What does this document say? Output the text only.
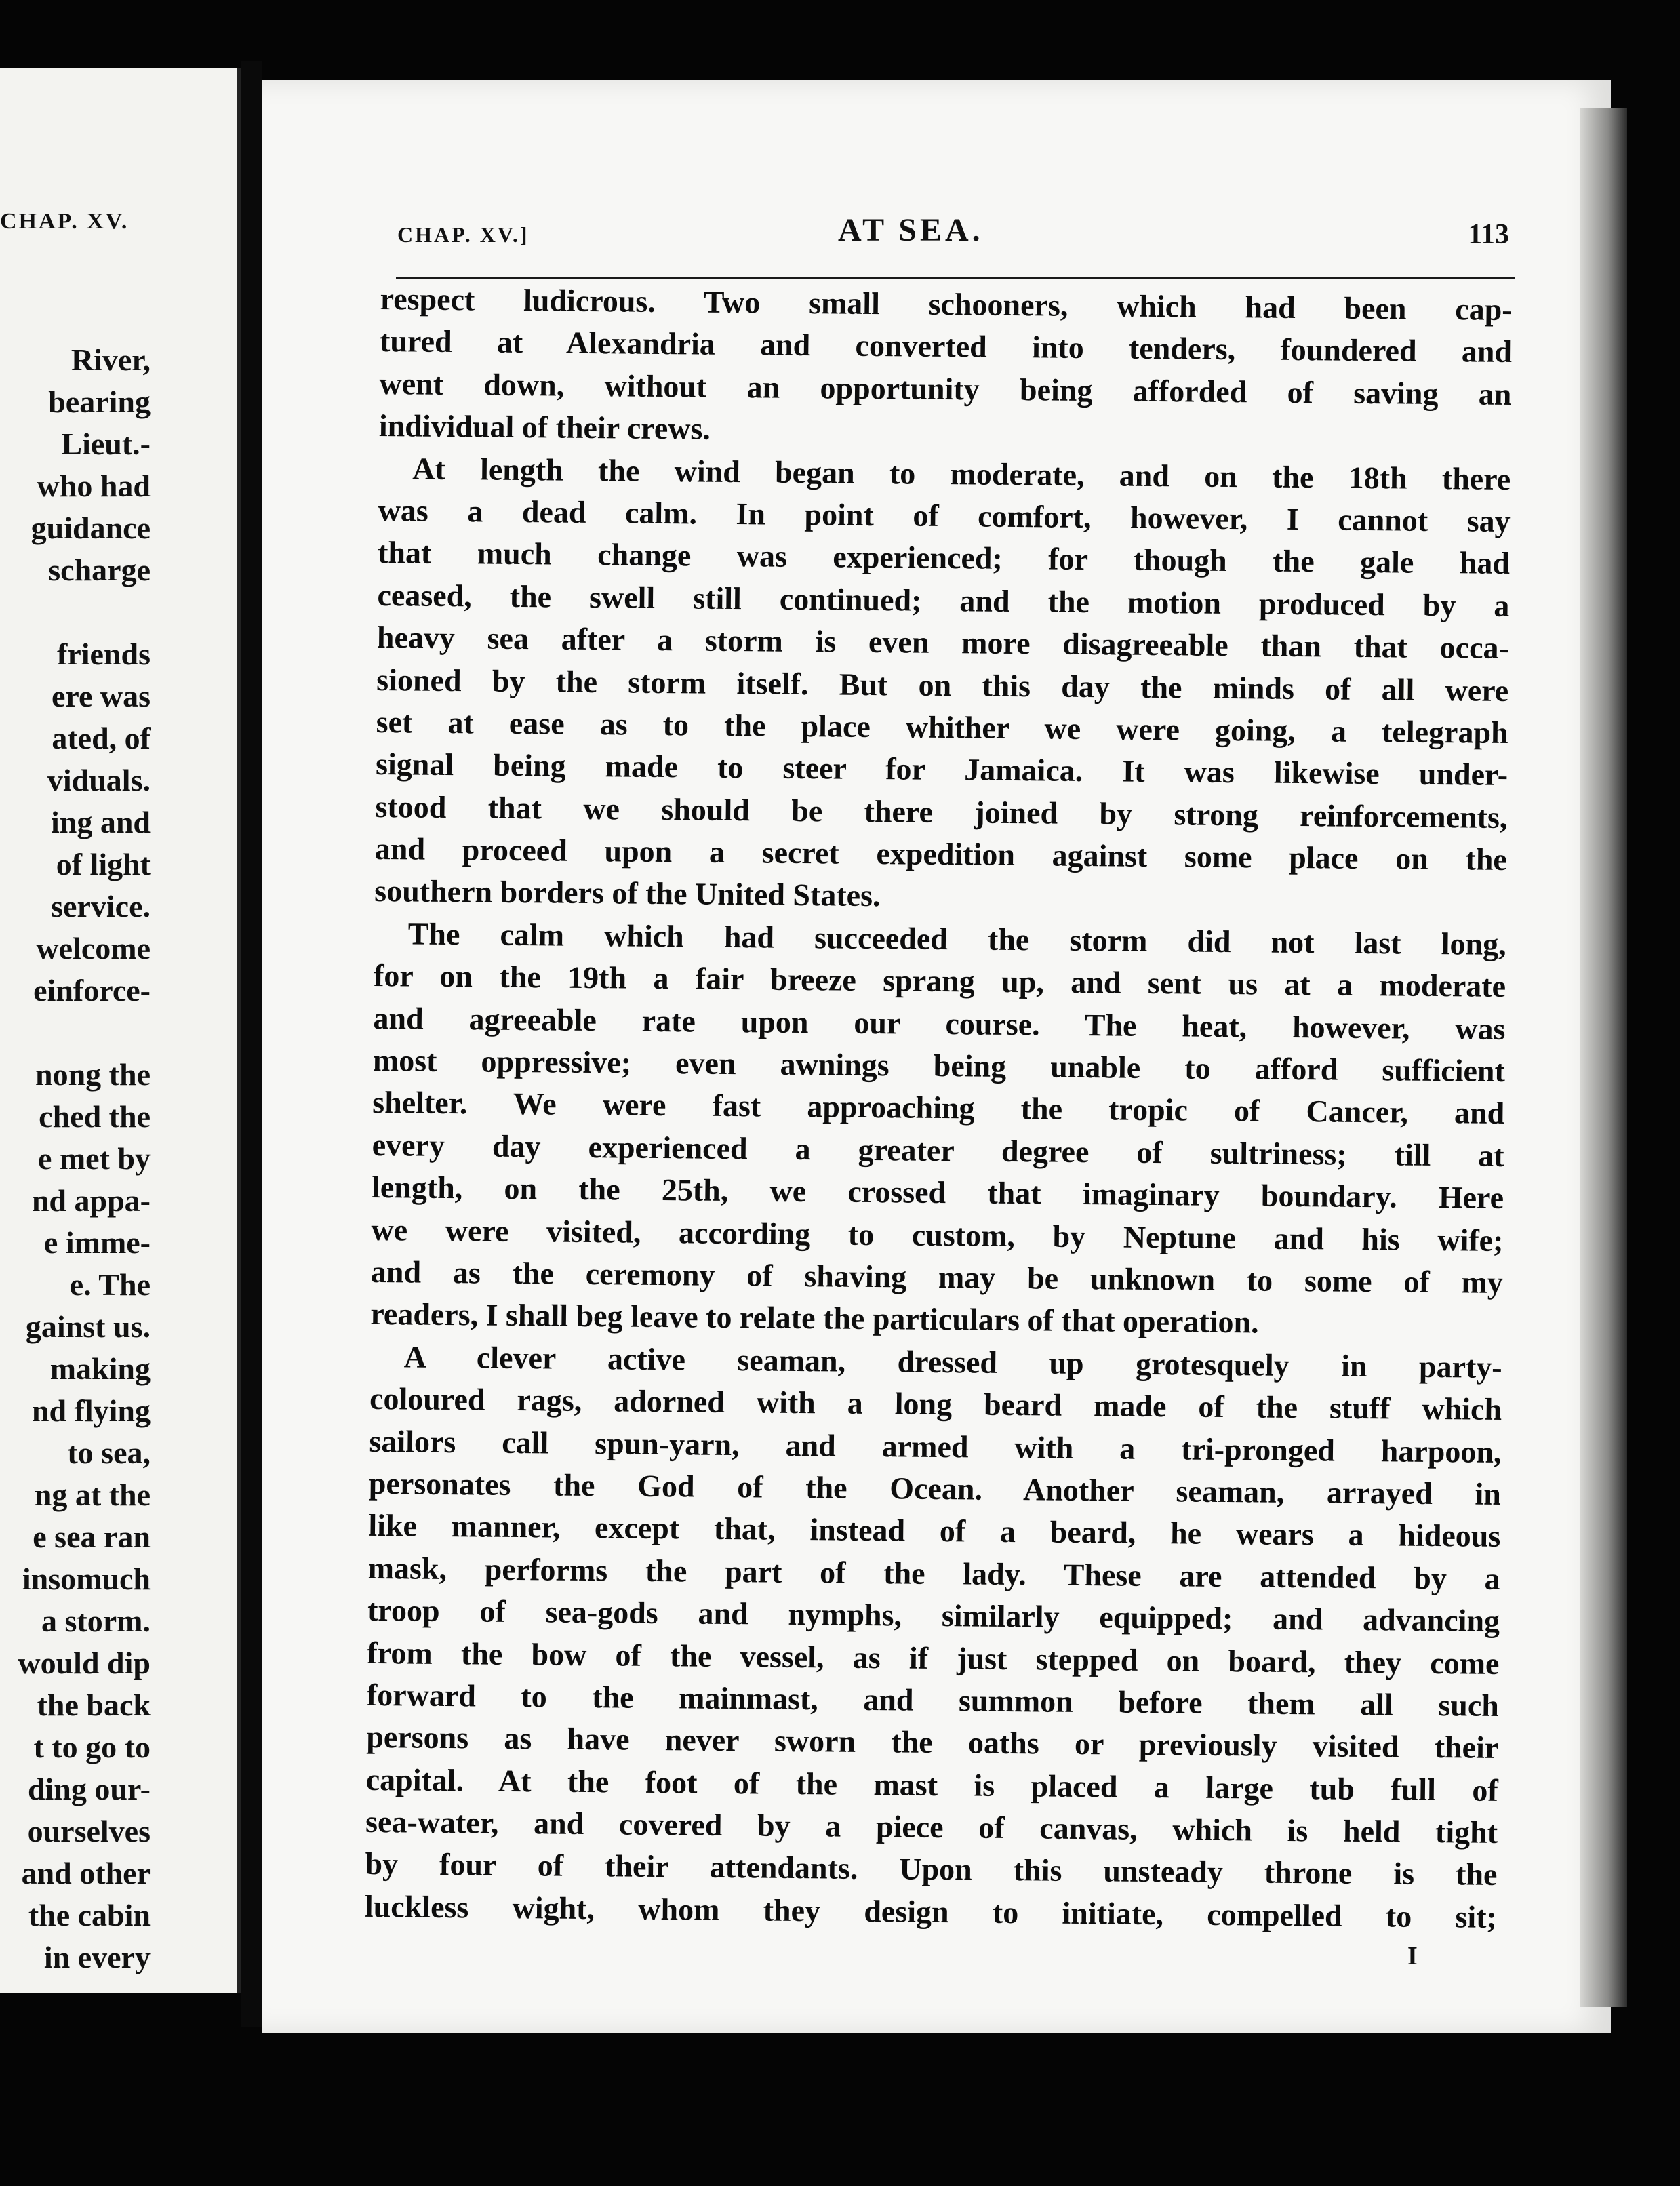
CHAP. XV.
River,
bearing
Lieut.-
who had
guidance
scharge
friends
ere was
ated, of
viduals.
ing and
of light
service.
welcome
einforce-
nong the
ched the
e met by
nd appa-
e imme-
e. The
gainst us.
making
nd flying
to sea,
ng at the
e sea ran
insomuch
a storm.
would dip
the back
t to go to
ding our-
ourselves
and other
the cabin
in every
CHAP. XV.]	AT SEA.	113
respect ludicrous. Two small schooners, which had been cap-
tured at Alexandria and converted into tenders, foundered and
went down, without an opportunity being afforded of saving an
individual of their crews.
At length the wind began to moderate, and on the 18th there
was a dead calm. In point of comfort, however, I cannot say
that much change was experienced; for though the gale had
ceased, the swell still continued; and the motion produced by a
heavy sea after a storm is even more disagreeable than that occa-
sioned by the storm itself. But on this day the minds of all were
set at ease as to the place whither we were going, a telegraph
signal being made to steer for Jamaica. It was likewise under-
stood that we should be there joined by strong reinforcements,
and proceed upon a secret expedition against some place on the
southern borders of the United States.
The calm which had succeeded the storm did not last long,
for on the 19th a fair breeze sprang up, and sent us at a moderate
and agreeable rate upon our course. The heat, however, was
most oppressive; even awnings being unable to afford sufficient
shelter. We were fast approaching the tropic of Cancer, and
every day experienced a greater degree of sultriness; till at
length, on the 25th, we crossed that imaginary boundary. Here
we were visited, according to custom, by Neptune and his wife;
and as the ceremony of shaving may be unknown to some of my
readers, I shall beg leave to relate the particulars of that operation.
A clever active seaman, dressed up grotesquely in party-
coloured rags, adorned with a long beard made of the stuff which
sailors call spun-yarn, and armed with a tri-pronged harpoon,
personates the God of the Ocean. Another seaman, arrayed in
like manner, except that, instead of a beard, he wears a hideous
mask, performs the part of the lady. These are attended by a
troop of sea-gods and nymphs, similarly equipped; and advancing
from the bow of the vessel, as if just stepped on board, they come
forward to the mainmast, and summon before them all such
persons as have never sworn the oaths or previously visited their
capital. At the foot of the mast is placed a large tub full of
sea-water, and covered by a piece of canvas, which is held tight
by four of their attendants. Upon this unsteady throne is the
luckless wight, whom they design to initiate, compelled to sit;
I
